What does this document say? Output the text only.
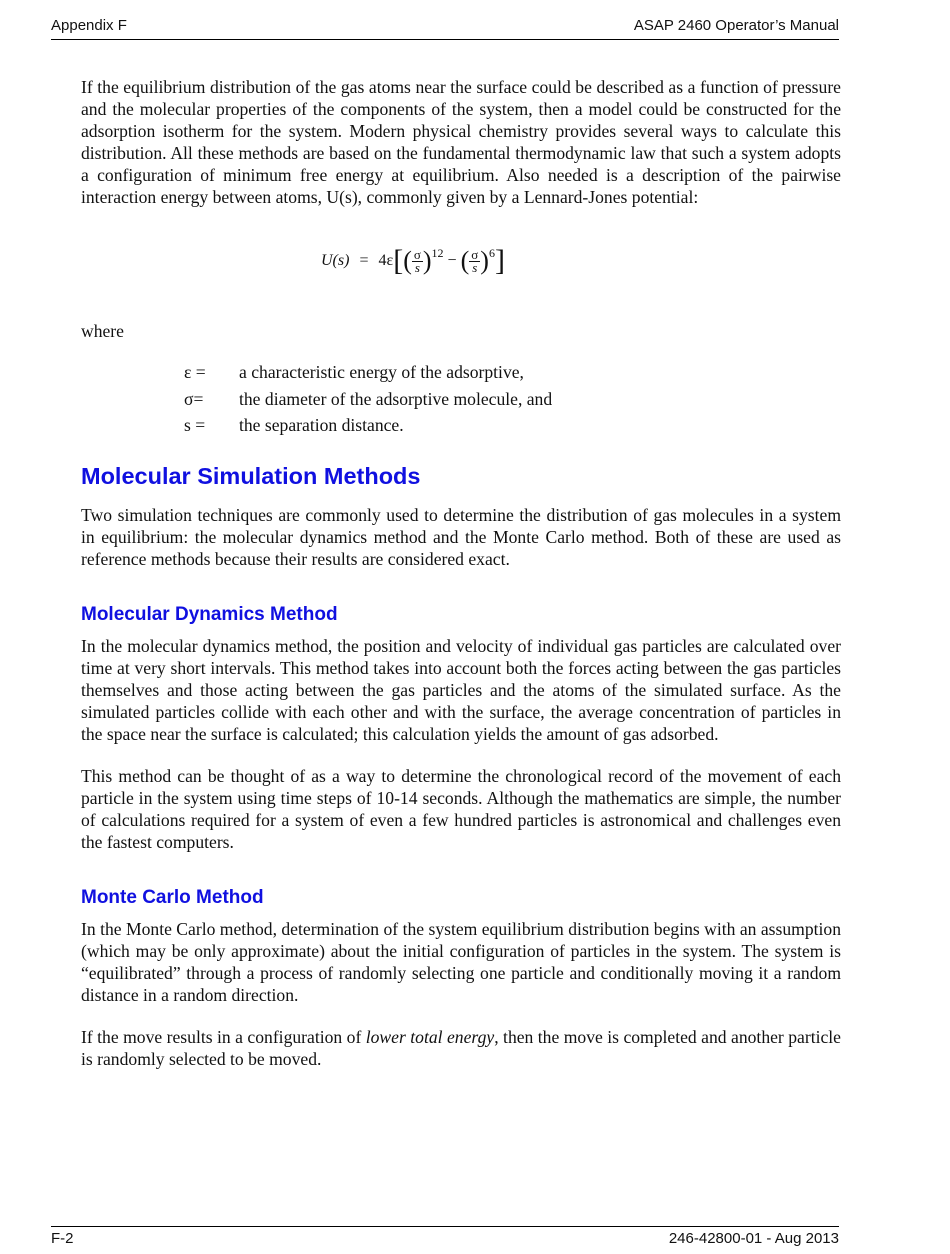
Appendix F	ASAP 2460 Operator’s Manual

If the equilibrium distribution of the gas atoms near the surface could be described as a function of pressure and the molecular properties of the components of the system, then a model could be constructed for the adsorption isotherm for the system. Modern physical chemistry provides several ways to calculate this distribution. All these methods are based on the fundamental thermodynamic law that such a system adopts a configuration of minimum free energy at equilibrium. Also needed is a description of the pairwise interaction energy between atoms, U(s), commonly given by a Lennard-Jones potential:

U(s) = 4ε [ ( $\frac{\sigma}{s} )^{12}$ − ( $\frac{\sigma}{s} )^6$ ]

where

ε =	a characteristic energy of the adsorptive,
σ=	the diameter of the adsorptive molecule, and
s =	the separation distance.
Molecular Simulation Methods

Two simulation techniques are commonly used to determine the distribution of gas molecules in a system in equilibrium: the molecular dynamics method and the Monte Carlo method. Both of these are used as reference methods because their results are considered exact.

Molecular Dynamics Method

In the molecular dynamics method, the position and velocity of individual gas particles are calculated over time at very short intervals. This method takes into account both the forces acting between the gas particles themselves and those acting between the gas particles and the atoms of the simulated surface. As the simulated particles collide with each other and with the surface, the average concentration of particles in the space near the surface is calculated; this calculation yields the amount of gas adsorbed.

This method can be thought of as a way to determine the chronological record of the movement of each particle in the system using time steps of 10-14 seconds. Although the mathematics are simple, the number of calculations required for a system of even a few hundred particles is astronomical and challenges even the fastest computers.

Monte Carlo Method

In the Monte Carlo method, determination of the system equilibrium distribution begins with an assumption (which may be only approximate) about the initial configuration of particles in the system. The system is “equilibrated” through a process of randomly selecting one particle and conditionally moving it a random distance in a random direction.

If the move results in a configuration of lower total energy, then the move is completed and another particle is randomly selected to be moved.

F-2	246-42800-01 - Aug 2013
